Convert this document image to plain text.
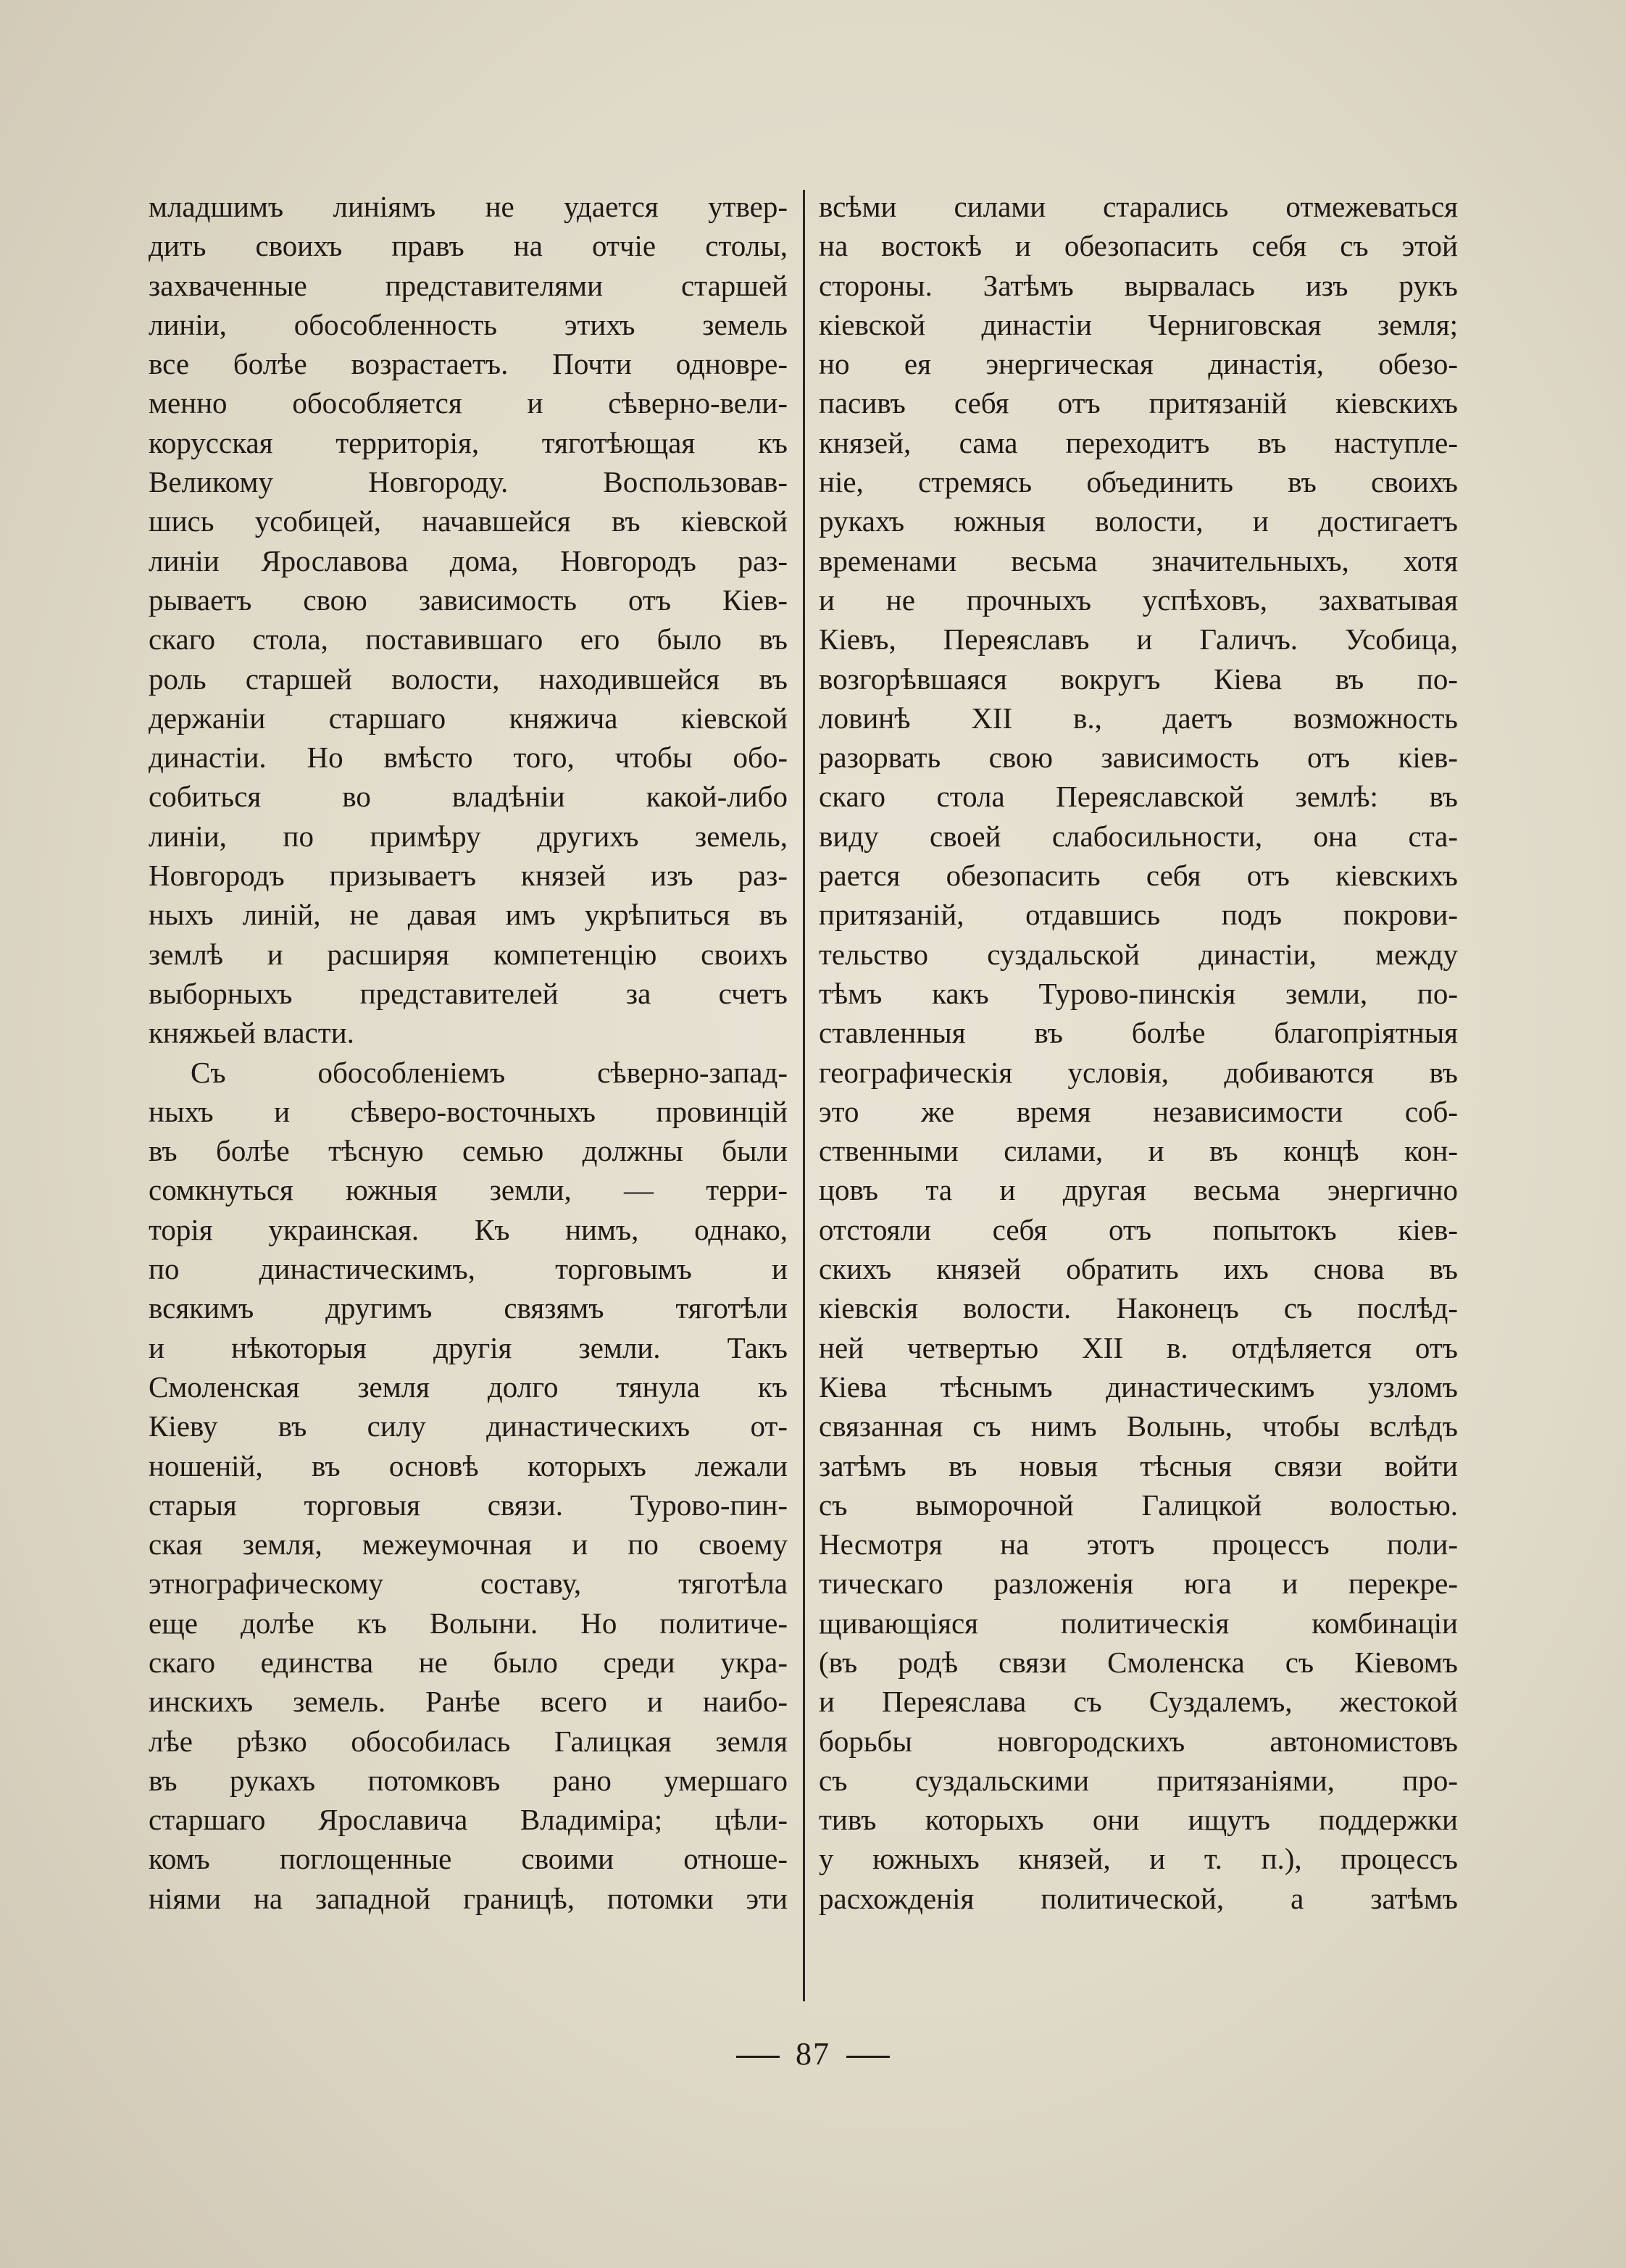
младшимъ линіямъ не удается утвер-
дить своихъ правъ на отчіе столы,
захваченные представителями старшей
линіи, обособленность этихъ земель
все болѣе возрастаетъ. Почти одновре-
менно обособляется и сѣверно-вели-
корусская территорія, тяготѣющая къ
Великому Новгороду. Воспользовав-
шись усобицей, начавшейся въ кіевской
линіи Ярославова дома, Новгородъ раз-
рываетъ свою зависимость отъ Кіев-
скаго стола, поставившаго его было въ
роль старшей волости, находившейся въ
держаніи старшаго княжича кіевской
династіи. Но вмѣсто того, чтобы обо-
собиться во владѣніи какой-либо
линіи, по примѣру другихъ земель,
Новгородъ призываетъ князей изъ раз-
ныхъ линій, не давая имъ укрѣпиться въ
землѣ и расширяя компетенцію своихъ
выборныхъ представителей за счетъ
княжьей власти.
Съ обособленіемъ сѣверно-запад-
ныхъ и сѣверо-восточныхъ провинцій
въ болѣе тѣсную семью должны были
сомкнуться южныя земли, — терри-
торія украинская. Къ нимъ, однако,
по династическимъ, торговымъ и
всякимъ другимъ связямъ тяготѣли
и нѣкоторыя другія земли. Такъ
Смоленская земля долго тянула къ
Кіеву въ силу династическихъ от-
ношеній, въ основѣ которыхъ лежали
старыя торговыя связи. Турово-пин-
ская земля, межеумочная и по своему
этнографическому составу, тяготѣла
еще долѣе къ Волыни. Но политиче-
скаго единства не было среди укра-
инскихъ земель. Ранѣе всего и наибо-
лѣе рѣзко обособилась Галицкая земля
въ рукахъ потомковъ рано умершаго
старшаго Ярославича Владиміра; цѣли-
комъ поглощенные своими отноше-
ніями на западной границѣ, потомки эти
всѣми силами старались отмежеваться
на востокѣ и обезопасить себя съ этой
стороны. Затѣмъ вырвалась изъ рукъ
кіевской династіи Черниговская земля;
но ея энергическая династія, обезо-
пасивъ себя отъ притязаній кіевскихъ
князей, сама переходитъ въ наступле-
ніе, стремясь объединить въ своихъ
рукахъ южныя волости, и достигаетъ
временами весьма значительныхъ, хотя
и не прочныхъ успѣховъ, захватывая
Кіевъ, Переяславъ и Галичъ. Усобица,
возгорѣвшаяся вокругъ Кіева въ по-
ловинѣ XII в., даетъ возможность
разорвать свою зависимость отъ кіев-
скаго стола Переяславской землѣ: въ
виду своей слабосильности, она ста-
рается обезопасить себя отъ кіевскихъ
притязаній, отдавшись подъ покрови-
тельство суздальской династіи, между
тѣмъ какъ Турово-пинскія земли, по-
ставленныя въ болѣе благопріятныя
географическія условія, добиваются въ
это же время независимости соб-
ственными силами, и въ концѣ кон-
цовъ та и другая весьма энергично
отстояли себя отъ попытокъ кіев-
скихъ князей обратить ихъ снова въ
кіевскія волости. Наконецъ съ послѣд-
ней четвертью XII в. отдѣляется отъ
Кіева тѣснымъ династическимъ узломъ
связанная съ нимъ Волынь, чтобы вслѣдъ
затѣмъ въ новыя тѣсныя связи войти
съ выморочной Галицкой волостью.
Несмотря на этотъ процессъ поли-
тическаго разложенія юга и перекре-
щивающіяся политическія комбинаціи
(въ родѣ связи Смоленска съ Кіевомъ
и Переяслава съ Суздалемъ, жестокой
борьбы новгородскихъ автономистовъ
съ суздальскими притязаніями, про-
тивъ которыхъ они ищутъ поддержки
у южныхъ князей, и т. п.), процессъ
расхожденія политической, а затѣмъ
87
